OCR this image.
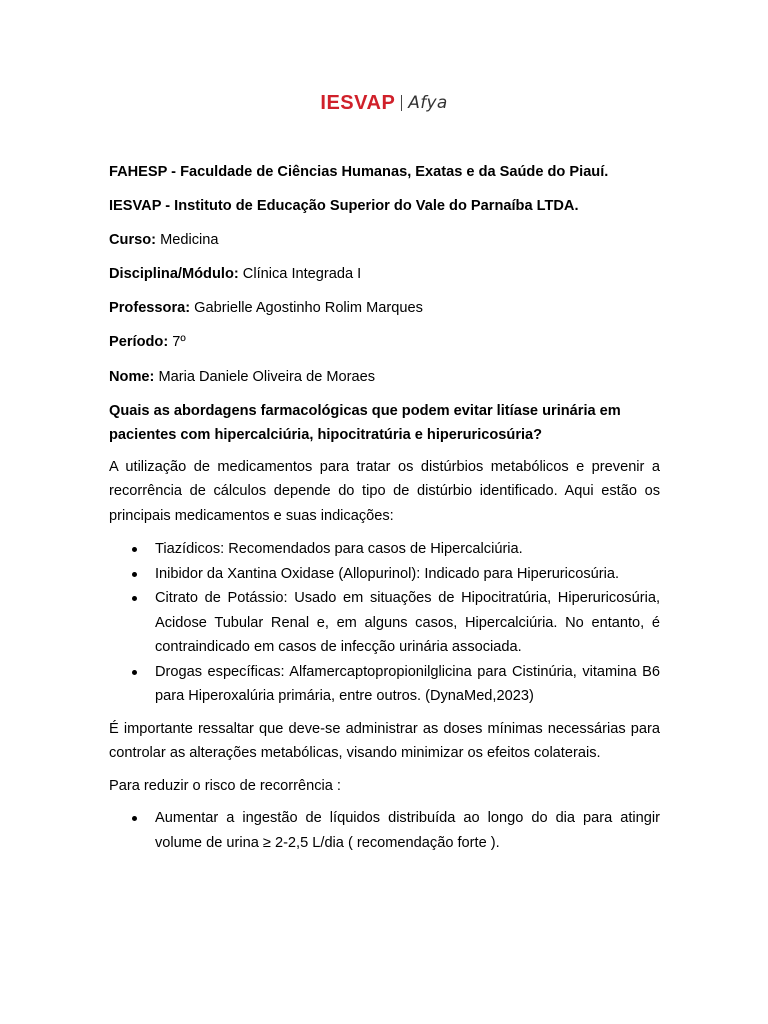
IESVAP Afya

FAHESP - Faculdade de Ciências Humanas, Exatas e da Saúde do Piauí.

IESVAP - Instituto de Educação Superior do Vale do Parnaíba LTDA.

Curso: Medicina

Disciplina/Módulo: Clínica Integrada I

Professora: Gabrielle Agostinho Rolim Marques

Período: 7º

Nome: Maria Daniele Oliveira de Moraes

Quais as abordagens farmacológicas que podem evitar litíase urinária em pacientes com hipercalciúria, hipocitratúria e hiperuricosúria?

A utilização de medicamentos para tratar os distúrbios metabólicos e prevenir a recorrência de cálculos depende do tipo de distúrbio identificado. Aqui estão os principais medicamentos e suas indicações:

Tiazídicos: Recomendados para casos de Hipercalciúria.
Inibidor da Xantina Oxidase (Allopurinol): Indicado para Hiperuricosúria.
Citrato de Potássio: Usado em situações de Hipocitratúria, Hiperuricosúria, Acidose Tubular Renal e, em alguns casos, Hipercalciúria. No entanto, é contraindicado em casos de infecção urinária associada.
Drogas específicas: Alfamercaptopropionilglicina para Cistinúria, vitamina B6 para Hiperoxalúria primária, entre outros. (DynaMed,2023)

É importante ressaltar que deve-se administrar as doses mínimas necessárias para controlar as alterações metabólicas, visando minimizar os efeitos colaterais.

Para reduzir o risco de recorrência :

Aumentar a ingestão de líquidos distribuída ao longo do dia para atingir volume de urina ≥ 2-2,5 L/dia ( recomendação forte ).
